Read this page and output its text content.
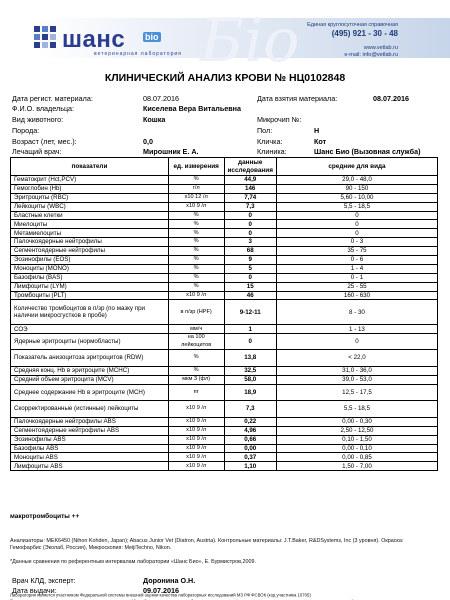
Біо
шанс bio
ветеринарная лаборатория
Единая круглосуточная справочная
(495) 921 - 30 - 48
www.vetlab.ru
e-mail: info@vetlab.ru
КЛИНИЧЕСКИЙ АНАЛИЗ КРОВИ № НЦ0102848
Дата регист. материала:	08.07.2016	Дата взятия материала:	08.07.2016
Ф.И.О. владельца:	Киселева Вера Витальевна
Вид животного:	Кошка	Микрочип №:
Порода:	Пол:	Н
Возраст (лет, мес.):	0,0	Кличка:	Кот
Лечащий врач:	Мирошник Е. А.	Клиника:	Шанс Био (Вызовная служба)
показатели	ед. измерения	данные исследования	средние для вида
Гематокрит (Hct,PCV)	%	44,9	29,0 - 48,0
Гемоглобин (Hb)	г/л	146	90 - 150
Эритроциты (RBC)	x10 12 /л	7,74	5,60 - 10,00
Лейкоциты (WBC)	x10 9 /л	7,3	5,5 - 18,5
Бластные клетки	%	0	0
Миелоциты	%	0	0
Метамиелоциты	%	0	0
Палочкоядерные нейтрофилы	%	3	0 - 3
Сегментоядерные нейтрофилы	%	68	35 - 75
Эозинофилы (EOS)	%	9	0 - 6
Моноциты (MONO)	%	5	1 - 4
Базофилы (BAS)	%	0	0 - 1
Лимфоциты (LYM)	%	15	25 - 55
Тромбоциты (PLT)	x10 9 /л	46	160 - 630
Количество тромбоцитов в п/зр (по мазку при наличии микросгустков в пробе)	в п/зр (HPF)	9-12-11	8 - 30
СОЭ	мм/ч	1	1 - 13
Ядерные эритроциты (нормобласты)	на 100 лейкоцитов	0	0
Показатель анизоцитоза эритроцитов (RDW)	%	13,8	< 22,0
Средняя конц. Hb в эритроците (MCHC)	%	32,5	31,0 - 36,0
Средний объем эритроцита (MCV)	мкм 3 (фл)	58,0	39,0 - 53,0
Среднее содержание Hb в эритроците (MCH)	пг	18,9	12,5 - 17,5
Скорректированные (истинные) лейкоциты	x10 9 /л	7,3	5,5 - 18,5
Палочкоядерные нейтрофилы ABS	x10 9 /л	0,22	0,00 - 0,30
Сегментоядерные нейтрофилы ABS	x10 9 /л	4,96	2,50 - 12,50
Эозинофилы ABS	x10 9 /л	0,66	0,10 - 1,50
Базофилы ABS	x10 9 /л	0,00	0,00 - 0,10
Моноциты ABS	x10 9 /л	0,37	0,00 - 0,85
Лимфоциты ABS	x10 9 /л	1,10	1,50 - 7,00
макротромбоциты ++
Анализаторы: MEK6450 (Nihon Kohden, Japan); Abacus Junior Vet (Diatron, Austria). Контрольные материалы: J.T.Baker, R&DSystems, Inc (3 уровня). Окраска:
Гемофарбис (Эколаб, Россия), Микроскопия: MeijiTechno, Nikon.
*Данные сравнения по референтным интервалам лаборатории «Шанс Био», Е. Бурмистров,2009.
Врач КЛД, эксперт:	Доронина О.Н.
Дата выдачи:	09.07.2016
Лаборатория является участником Федеральной системы внешней оценки качества лабораторных исследований МЗ РФ ФСВОК (код участника 10705)
